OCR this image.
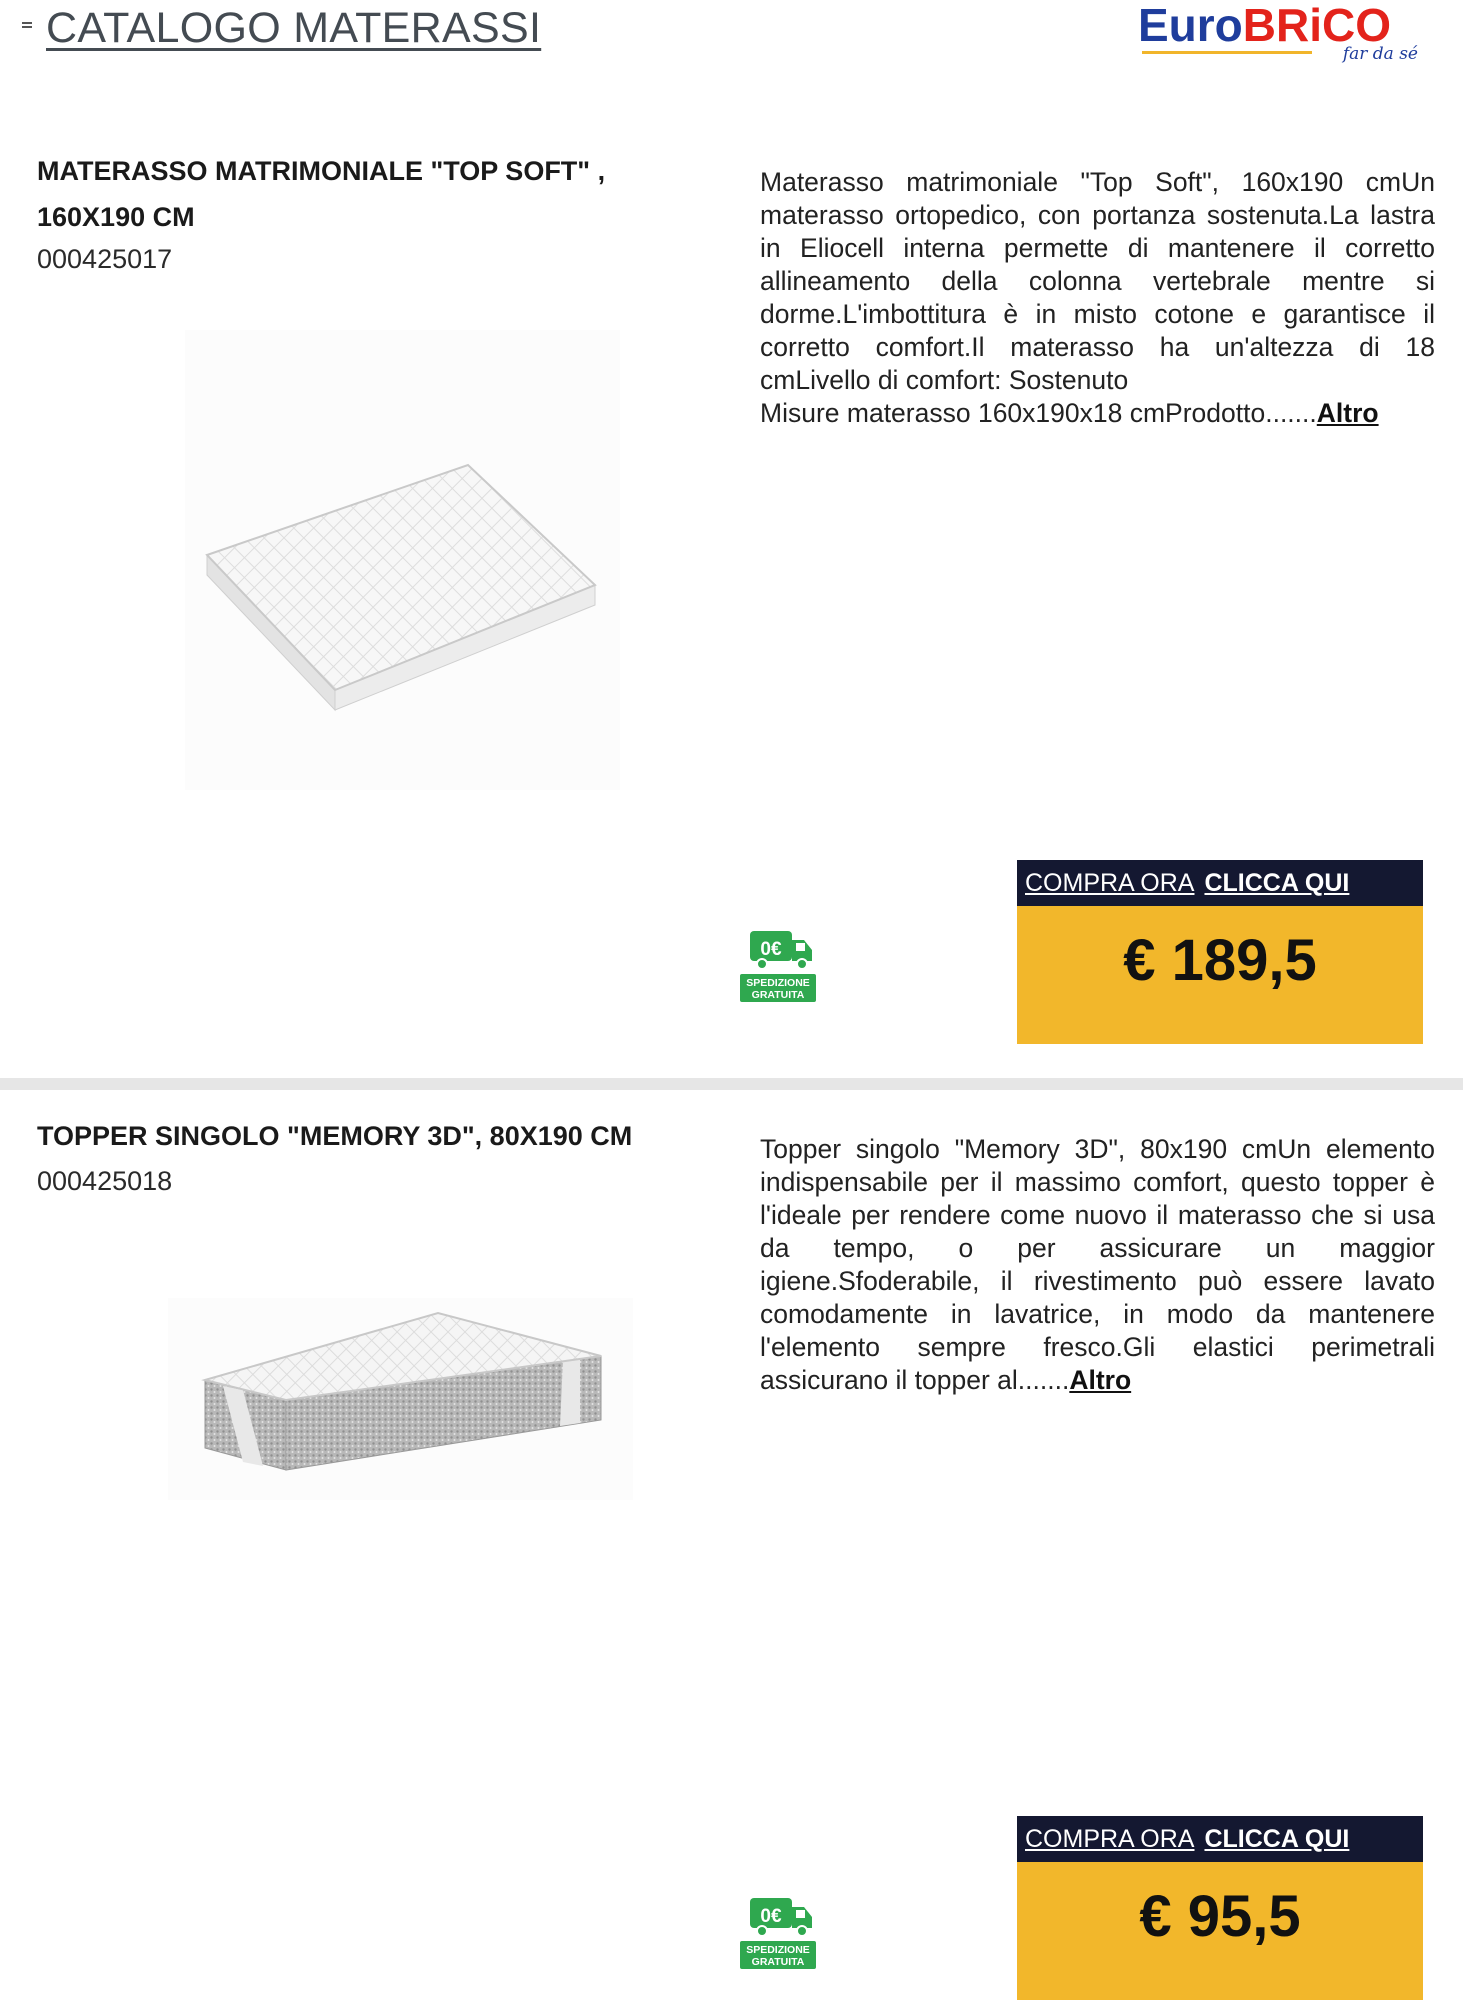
CATALOGO MATERASSI	EuroBRiCO
far da sé
MATERASSO MATRIMONIALE "TOP SOFT" ,
160X190 CM
000425017
Materasso matrimoniale "Top Soft", 160x190 cmUn materasso ortopedico, con portanza sostenuta.La lastra in Eliocell interna permette di mantenere il corretto allineamento della colonna vertebrale mentre si dorme.L'imbottitura è in misto cotone e garantisce il corretto comfort.Il materasso ha un'altezza di 18 cmLivello di comfort: Sostenuto
Misure materasso 160x190x18 cmProdotto.......Altro
0€
SPEDIZIONE
GRATUITA
COMPRA ORA CLICCA QUI
€ 189,5
TOPPER SINGOLO "MEMORY 3D", 80X190 CM
000425018
Topper singolo "Memory 3D", 80x190 cmUn elemento indispensabile per il massimo comfort, questo topper è l'ideale per rendere come nuovo il materasso che si usa da tempo, o per assicurare un maggior igiene.Sfoderabile, il rivestimento può essere lavato comodamente in lavatrice, in modo da mantenere l'elemento sempre fresco.Gli elastici perimetrali assicurano il topper al.......Altro
0€
SPEDIZIONE
GRATUITA
COMPRA ORA CLICCA QUI
€ 95,5
